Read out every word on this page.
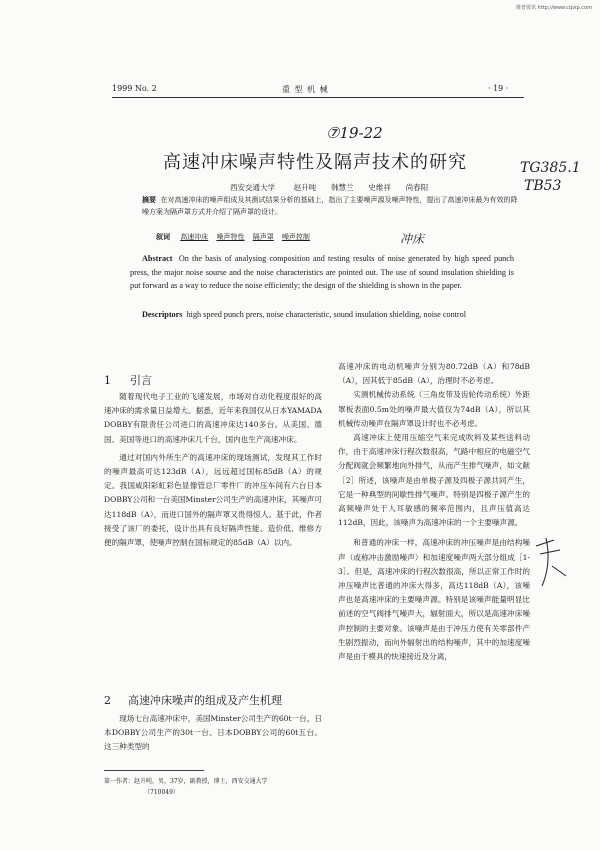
维普资讯 http://www.cqvip.com
1999 No. 2	重 型 机 械	· 19 ·
⑦19-22
TG385.1
TB53
冲床
高速冲床噪声特性及隔声技术的研究
西安交通大学	赵升吨 韩慧兰 史维祥 尚春阳
摘要 在对高速冲床的噪声组成及其测试结果分析的基础上，指出了主要噪声源及噪声特性，提出了高速冲床最为有效的降噪方案为隔声罩方式并介绍了隔声罩的设计。
叙词 高速冲床 噪声特性 隔声罩 噪声控制
Abstract On the basis of analysing composition and testing results of noise generated by high speed punch press, the major noise sourse and the noise characteristics are pointed out. The use of sound insulation shielding is put forward as a way to reduce the noise efficiently; the design of the shielding is shown in the paper.
Descriptors high speed punch prers, noise characteristic, sound insulation shielding, noise control
1 引言

随着现代电子工业的飞速发展，市场对自动化程度很好的高速冲床的需求量日益增大。据悉，近年来我国仅从日本YAMADA DOBBY有限责任公司进口的高速冲床达140多台。从美国、德国、美国等进口的高速冲床几千台，国内也生产高速冲床。

通过对国内外所生产的高速冲床的现场测试，发现其工作时的噪声最高可达123dB（A），远远超过国标85dB（A）的规定。我国咸阳彩虹彩色显像管总厂零件厂的冲压车间有六台日本DOBBY公司和一台美国Minster公司生产的高速冲床，其噪声可达118dB（A），而进口国外的隔声罩又贵得惊人。基于此，作者接受了该厂的委托，设计出具有良好隔声性能、造价低、维修方便的隔声罩，使噪声控制在国标规定的85dB（A）以内。

2 高速冲床噪声的组成及产生机理

现场七台高速冲床中，美国Minster公司生产的60t一台，日本DOBBY公司生产的30t一台、日本DOBBY公司的60t五台。这三种类型的

第一作者：赵升吨，男，37岁，副教授，博士，西安交通大学
（710049）

高速冲床的电动机噪声分别为80.72dB（A）和78dB（A），因其低于85dB（A），治理时不必考虑。

实测机械传动系统（三角皮带及齿轮传动系统）外距罩板表面0.5m处的噪声最大值仅为74dB（A），所以其机械传动噪声在隔声罩设计时也不必考虑。

高速冲床上使用压缩空气来完成吹料及某些送料动作，由于高速冲床行程次数很高，气路中相应的电磁空气分配阀就会频繁地向外排气，从而产生排气噪声，如文献［2］所述，该噪声是由单极子源及四极子源共同产生，它是一种典型的间歇性排气噪声。特别是四极子源产生的高频噪声处于人耳敏感的频率范围内，且声压值高达112dB，因此，该噪声为高速冲床的一个主要噪声源。

和普通的冲床一样，高速冲床的冲压噪声是由结构噪声（或称冲击激励噪声）和加速度噪声两大部分组成［1-3］。但是，高速冲床的行程次数很高，所以正常工作时的冲压噪声比普通的冲床大得多，高达118dB（A），该噪声也是高速冲床的主要噪声源。特别是该噪声能量明显比前述的空气阀排气噪声大，辐射面大，所以是高速冲床噪声控制的主要对象。该噪声是由于冲压力使有关零部件产生剧烈振动，而向外辐射出的结构噪声，其中的加速度噪声是由于模具的快速接近及分离，
